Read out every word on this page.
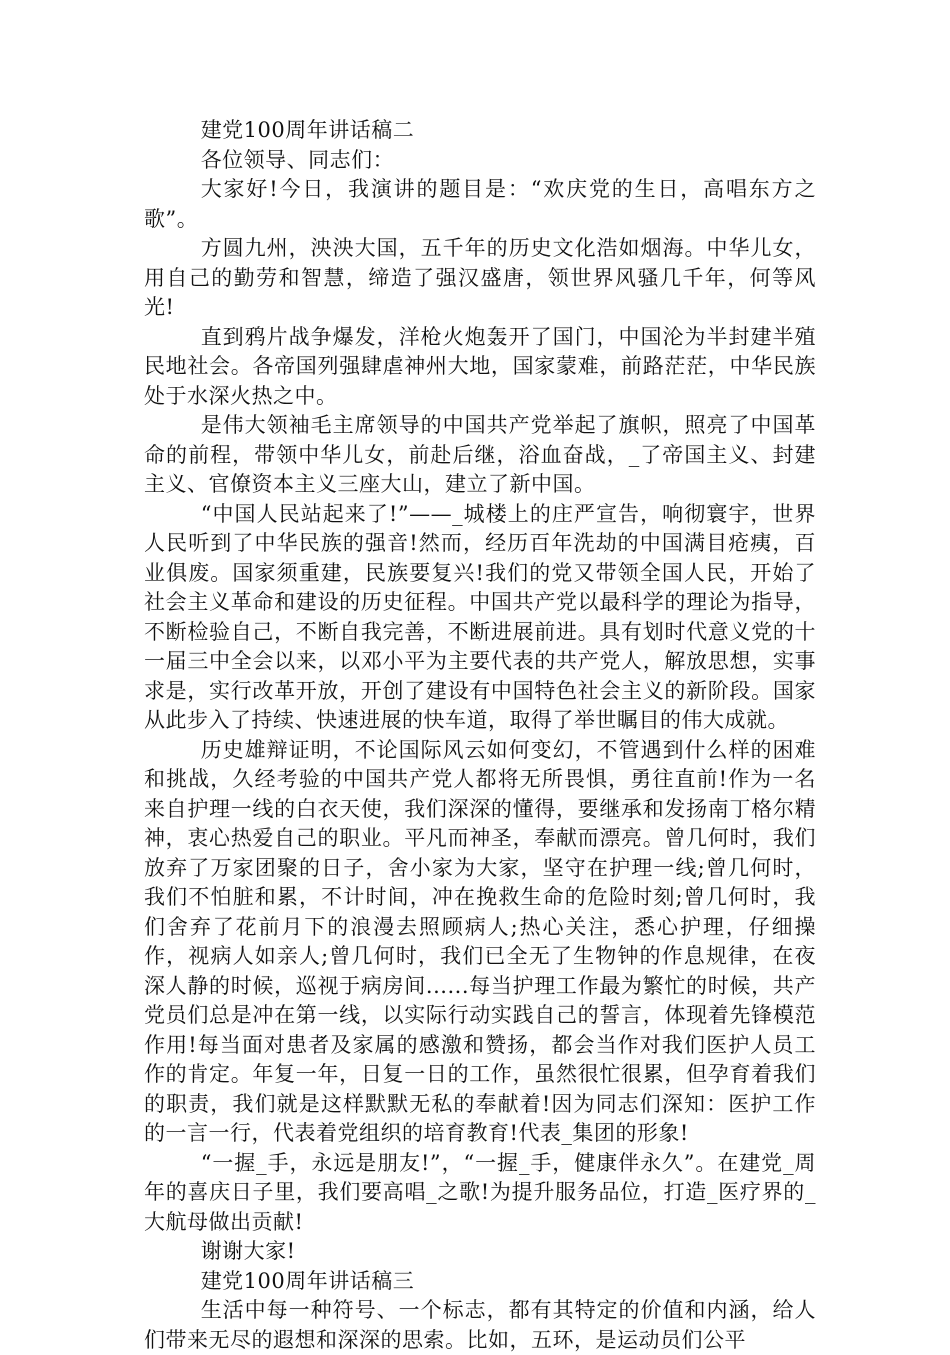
建党100周年讲话稿二

各位领导、同志们：

大家好!今日，我演讲的题目是：“欢庆党的生日，高唱东方之歌”。

方圆九州，泱泱大国，五千年的历史文化浩如烟海。中华儿女，用自己的勤劳和智慧，缔造了强汉盛唐，领世界风骚几千年，何等风光!

直到鸦片战争爆发，洋枪火炮轰开了国门，中国沦为半封建半殖民地社会。各帝国列强肆虐神州大地，国家蒙难，前路茫茫，中华民族处于水深火热之中。

是伟大领袖毛主席领导的中国共产党举起了旗帜，照亮了中国革命的前程，带领中华儿女，前赴后继，浴血奋战，_了帝国主义、封建主义、官僚资本主义三座大山，建立了新中国。

“中国人民站起来了!”——_城楼上的庄严宣告，响彻寰宇，世界人民听到了中华民族的强音!然而，经历百年洗劫的中国满目疮痍，百业俱废。国家须重建，民族要复兴!我们的党又带领全国人民，开始了社会主义革命和建设的历史征程。中国共产党以最科学的理论为指导，不断检验自己，不断自我完善，不断进展前进。具有划时代意义党的十一届三中全会以来，以邓小平为主要代表的共产党人，解放思想，实事求是，实行改革开放，开创了建设有中国特色社会主义的新阶段。国家从此步入了持续、快速进展的快车道，取得了举世瞩目的伟大成就。

历史雄辩证明，不论国际风云如何变幻，不管遇到什么样的困难和挑战，久经考验的中国共产党人都将无所畏惧，勇往直前!作为一名来自护理一线的白衣天使，我们深深的懂得，要继承和发扬南丁格尔精神，衷心热爱自己的职业。平凡而神圣，奉献而漂亮。曾几何时，我们放弃了万家团聚的日子，舍小家为大家，坚守在护理一线;曾几何时，我们不怕脏和累，不计时间，冲在挽救生命的危险时刻;曾几何时，我们舍弃了花前月下的浪漫去照顾病人;热心关注，悉心护理，仔细操作，视病人如亲人;曾几何时，我们已全无了生物钟的作息规律，在夜深人静的时候，巡视于病房间......每当护理工作最为繁忙的时候，共产党员们总是冲在第一线，以实际行动实践自己的誓言，体现着先锋模范作用!每当面对患者及家属的感激和赞扬，都会当作对我们医护人员工作的肯定。年复一年，日复一日的工作，虽然很忙很累，但孕育着我们的职责，我们就是这样默默无私的奉献着!因为同志们深知：医护工作的一言一行，代表着党组织的培育教育!代表_集团的形象!

“一握_手，永远是朋友!”，“一握_手，健康伴永久”。在建党_周年的喜庆日子里，我们要高唱_之歌!为提升服务品位，打造_医疗界的_大航母做出贡献!

谢谢大家!

建党100周年讲话稿三

生活中每一种符号、一个标志，都有其特定的价值和内涵，给人们带来无尽的遐想和深深的思索。比如，五环，是运动员们公平
